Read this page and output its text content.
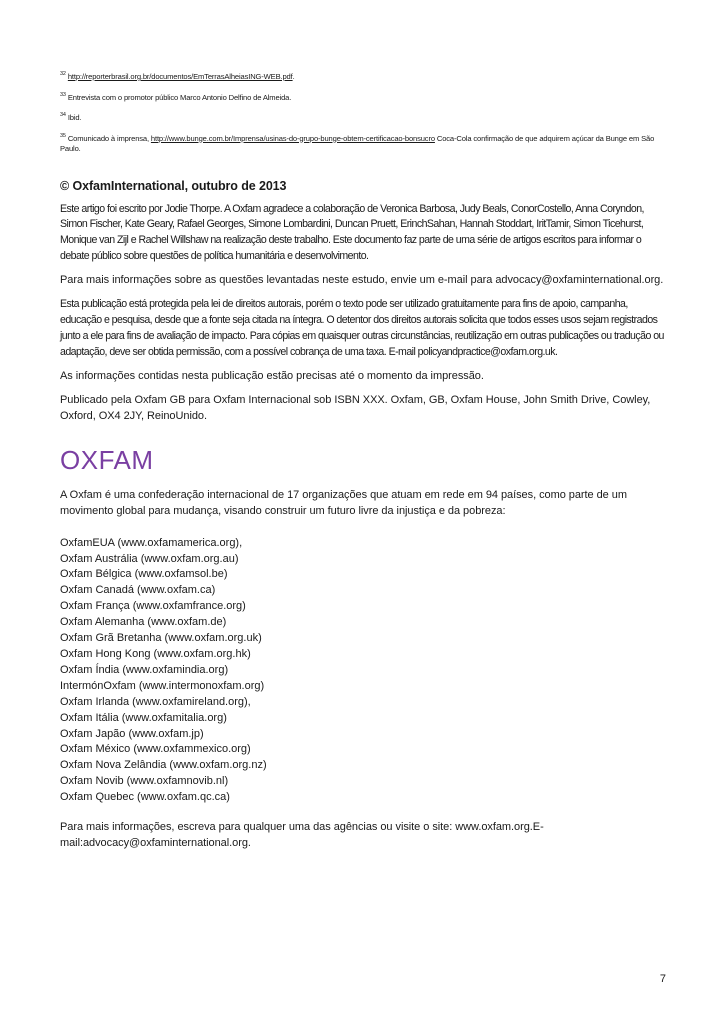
$^{32}$ http://reporterbrasil.org.br/documentos/EmTerrasAlheiasING-WEB.pdf.

$^{33}$ Entrevista com o promotor público Marco Antonio Delfino de Almeida.

$^{34}$ Ibid.

$^{35}$ Comunicado à imprensa, http://www.bunge.com.br/Imprensa/usinas-do-grupo-bunge-obtem-certificacao-bonsucro Coca-Cola confirmação de que adquirem açúcar da Bunge em São Paulo.

© OxfamInternational, outubro de 2013

Este artigo foi escrito por Jodie Thorpe. A Oxfam agradece a colaboração de Veronica Barbosa, Judy Beals, ConorCostello, Anna Coryndon, Simon Fischer, Kate Geary, Rafael Georges, Simone Lombardini, Duncan Pruett, ErinchSahan, Hannah Stoddart, IritTamir, Simon Ticehurst, Monique van Zijl e Rachel Willshaw na realização deste trabalho. Este documento faz parte de uma série de artigos escritos para informar o debate público sobre questões de política humanitária e desenvolvimento.

Para mais informações sobre as questões levantadas neste estudo, envie um e-mail para advocacy@oxfaminternational.org.

Esta publicação está protegida pela lei de direitos autorais, porém o texto pode ser utilizado gratuitamente para fins de apoio, campanha, educação e pesquisa, desde que a fonte seja citada na íntegra. O detentor dos direitos autorais solicita que todos esses usos sejam registrados junto a ele para fins de avaliação de impacto. Para cópias em quaisquer outras circunstâncias, reutilização em outras publicações ou tradução ou adaptação, deve ser obtida permissão, com a possível cobrança de uma taxa. E-mail policyandpractice@oxfam.org.uk.

As informações contidas nesta publicação estão precisas até o momento da impressão.

Publicado pela Oxfam GB para Oxfam Internacional sob ISBN XXX. Oxfam, GB, Oxfam House, John Smith Drive, Cowley, Oxford, OX4 2JY, ReinoUnido.

OXFAM

A Oxfam é uma confederação internacional de 17 organizações que atuam em rede em 94 países, como parte de um movimento global para mudança, visando construir um futuro livre da injustiça e da pobreza:

OxfamEUA (www.oxfamamerica.org),
Oxfam Austrália (www.oxfam.org.au)
Oxfam Bélgica (www.oxfamsol.be)
Oxfam Canadá (www.oxfam.ca)
Oxfam França (www.oxfamfrance.org)
Oxfam Alemanha (www.oxfam.de)
Oxfam Grã Bretanha (www.oxfam.org.uk)
Oxfam Hong Kong (www.oxfam.org.hk)
Oxfam Índia (www.oxfamindia.org)
IntermónOxfam (www.intermonoxfam.org)
Oxfam Irlanda (www.oxfamireland.org),
Oxfam Itália (www.oxfamitalia.org)
Oxfam Japão (www.oxfam.jp)
Oxfam México (www.oxfammexico.org)
Oxfam Nova Zelândia (www.oxfam.org.nz)
Oxfam Novib (www.oxfamnovib.nl)
Oxfam Quebec (www.oxfam.qc.ca)

Para mais informações, escreva para qualquer uma das agências ou visite o site: www.oxfam.org.E-mail:advocacy@oxfaminternational.org.

7
